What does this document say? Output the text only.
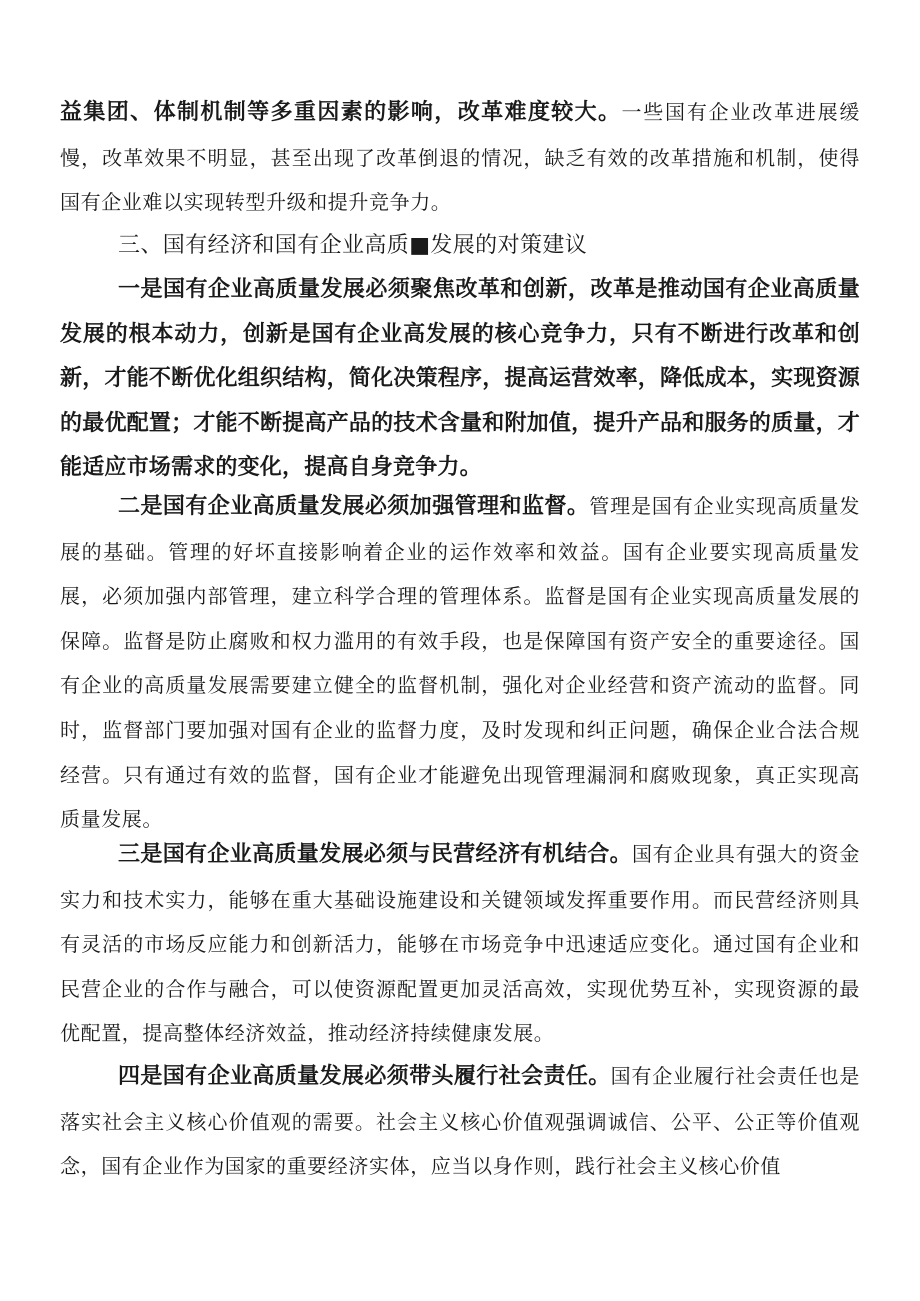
益集团、体制机制等多重因素的影响，改革难度较大。一些国有企业改革进展缓慢，改革效果不明显，甚至出现了改革倒退的情况，缺乏有效的改革措施和机制，使得国有企业难以实现转型升级和提升竞争力。

三、国有经济和国有企业高质■发展的对策建议

一是国有企业高质量发展必须聚焦改革和创新，改革是推动国有企业高质量发展的根本动力，创新是国有企业高发展的核心竞争力，只有不断进行改革和创新，才能不断优化组织结构，简化决策程序，提高运营效率，降低成本，实现资源的最优配置；才能不断提高产品的技术含量和附加值，提升产品和服务的质量，才能适应市场需求的变化，提高自身竞争力。

二是国有企业高质量发展必须加强管理和监督。管理是国有企业实现高质量发展的基础。管理的好坏直接影响着企业的运作效率和效益。国有企业要实现高质量发展，必须加强内部管理，建立科学合理的管理体系。监督是国有企业实现高质量发展的保障。监督是防止腐败和权力滥用的有效手段，也是保障国有资产安全的重要途径。国有企业的高质量发展需要建立健全的监督机制，强化对企业经营和资产流动的监督。同时，监督部门要加强对国有企业的监督力度，及时发现和纠正问题，确保企业合法合规经营。只有通过有效的监督，国有企业才能避免出现管理漏洞和腐败现象，真正实现高质量发展。

三是国有企业高质量发展必须与民营经济有机结合。国有企业具有强大的资金实力和技术实力，能够在重大基础设施建设和关键领域发挥重要作用。而民营经济则具有灵活的市场反应能力和创新活力，能够在市场竞争中迅速适应变化。通过国有企业和民营企业的合作与融合，可以使资源配置更加灵活高效，实现优势互补，实现资源的最优配置，提高整体经济效益，推动经济持续健康发展。

四是国有企业高质量发展必须带头履行社会责任。国有企业履行社会责任也是落实社会主义核心价值观的需要。社会主义核心价值观强调诚信、公平、公正等价值观念，国有企业作为国家的重要经济实体，应当以身作则，践行社会主义核心价值
